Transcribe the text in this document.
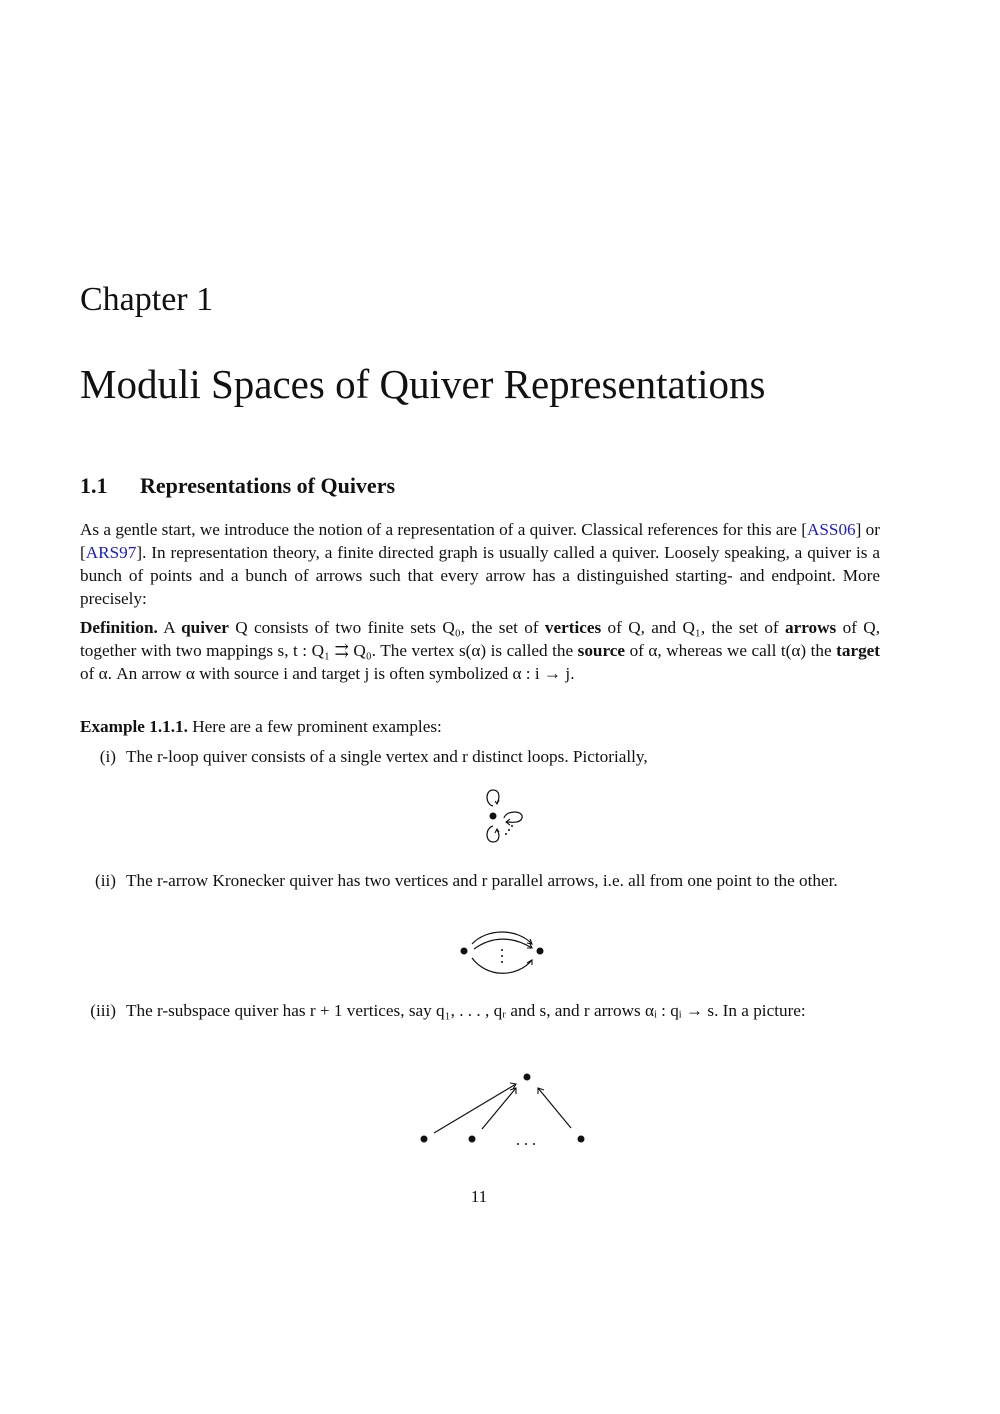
Chapter 1
Moduli Spaces of Quiver Representations
1.1 Representations of Quivers
As a gentle start, we introduce the notion of a representation of a quiver. Classical references for this are [ASS06] or [ARS97]. In representation theory, a finite directed graph is usually called a quiver. Loosely speaking, a quiver is a bunch of points and a bunch of arrows such that every arrow has a distinguished starting- and endpoint. More precisely:
Definition. A quiver Q consists of two finite sets Q₀, the set of vertices of Q, and Q₁, the set of arrows of Q, together with two mappings s, t : Q₁ ⇉ Q₀. The vertex s(α) is called the source of α, whereas we call t(α) the target of α. An arrow α with source i and target j is often symbolized α : i → j.
Example 1.1.1. Here are a few prominent examples:
(i) The r-loop quiver consists of a single vertex and r distinct loops. Pictorially,
(ii) The r-arrow Kronecker quiver has two vertices and r parallel arrows, i.e. all from one point to the other.
(iii) The r-subspace quiver has r + 1 vertices, say q₁, . . . , qᵣ and s, and r arrows αᵢ : qᵢ → s. In a picture:
11
